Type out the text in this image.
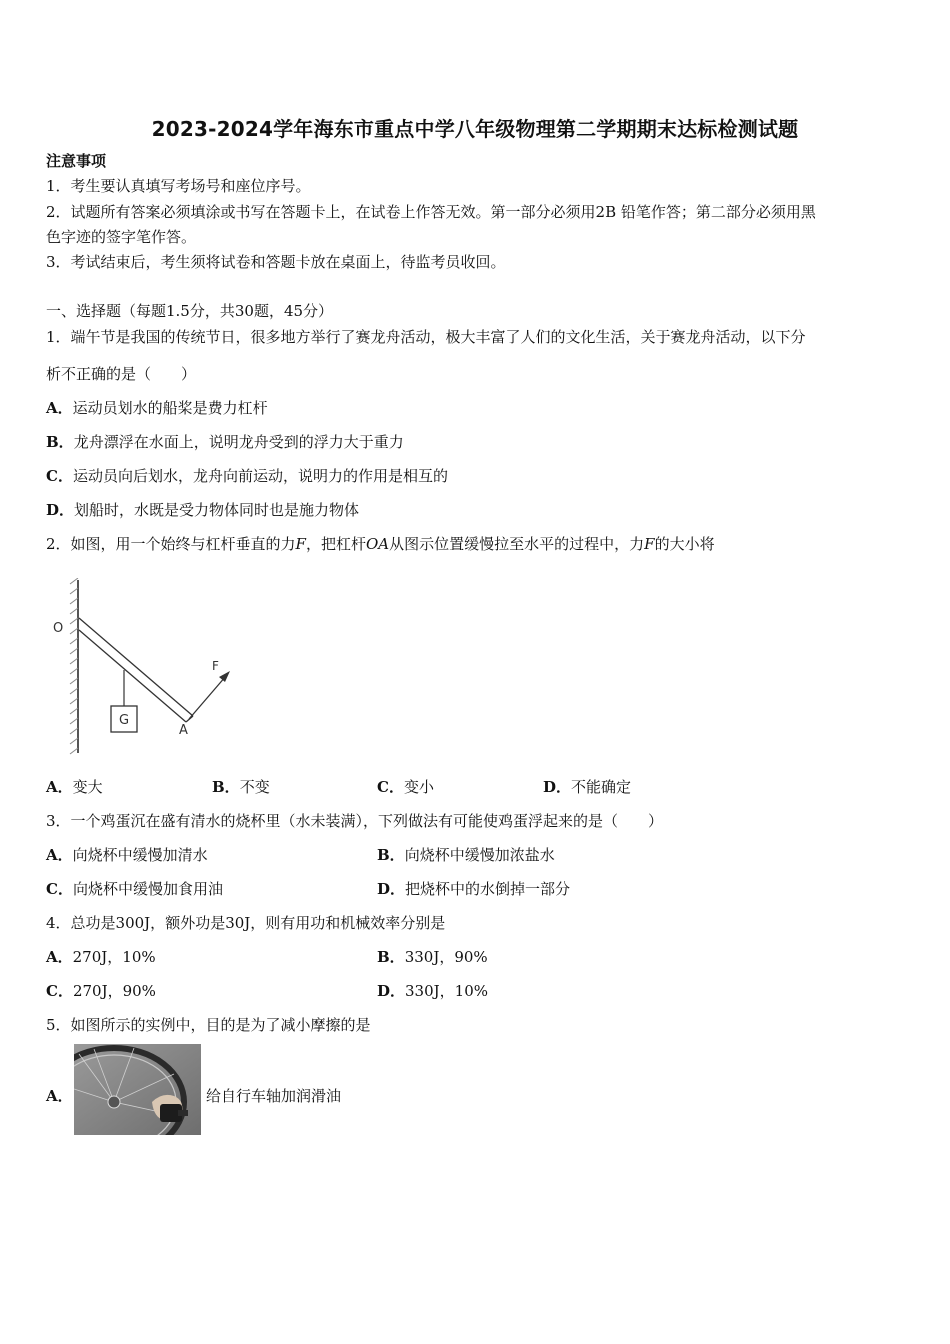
2023-2024学年海东市重点中学八年级物理第二学期期末达标检测试题
注意事项
1．考生要认真填写考场号和座位序号。
2．试题所有答案必须填涂或书写在答题卡上，在试卷上作答无效。第一部分必须用2B 铅笔作答；第二部分必须用黑
色字迹的签字笔作答。
3．考试结束后，考生须将试卷和答题卡放在桌面上，待监考员收回。
一、选择题（每题1.5分，共30题，45分）
1．端午节是我国的传统节日，很多地方举行了赛龙舟活动，极大丰富了人们的文化生活，关于赛龙舟活动，以下分
析不正确的是（　　）
A．运动员划水的船桨是费力杠杆
B．龙舟漂浮在水面上，说明龙舟受到的浮力大于重力
C．运动员向后划水，龙舟向前运动，说明力的作用是相互的
D．划船时，水既是受力物体同时也是施力物体
2．如图，用一个始终与杠杆垂直的力F，把杠杆OA从图示位置缓慢拉至水平的过程中，力F的大小将
O
G
F
A
A．变大	B．不变	C．变小	D．不能确定
3．一个鸡蛋沉在盛有清水的烧杯里（水未装满），下列做法有可能使鸡蛋浮起来的是（　　）
A．向烧杯中缓慢加清水	B．向烧杯中缓慢加浓盐水
C．向烧杯中缓慢加食用油	D．把烧杯中的水倒掉一部分
4．总功是300J，额外功是30J，则有用功和机械效率分别是
A．270J，10%	B．330J，90%
C．270J，90%	D．330J，10%
5．如图所示的实例中，目的是为了减小摩擦的是
A．	给自行车轴加润滑油
